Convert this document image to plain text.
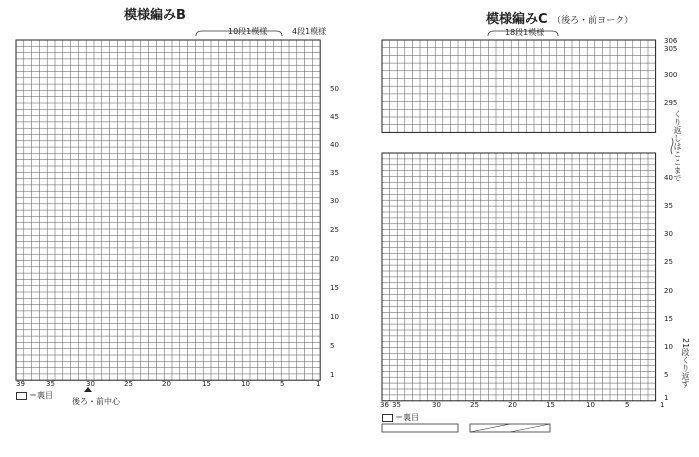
模様編みB
10段1模様	4段1模様
後ろ・前中心
＝裏目
50
45
40
35
30
25
20
15
10
5
1
39	35	30	25	20	15	10	5	1
模様編みC （後ろ・前ヨーク）
18段1模様
くり返しはここまで
21段くり返す
＝裏目
306
305
300
295
40
35
30
25
20
15
10
5
1
36 35	30	25	20	15	10	5	1
